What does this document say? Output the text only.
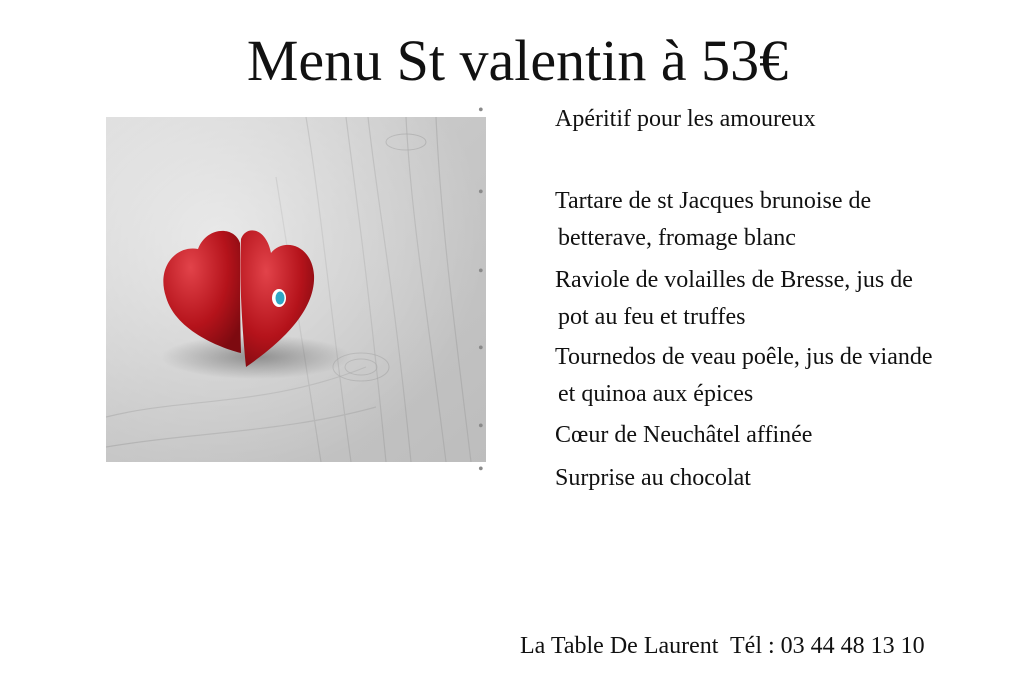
Menu St valentin à 53€
•	Apéritif pour les amoureux
•	Tartare de st Jacques brunoise de
betterave, fromage blanc
•	Raviole de volailles de Bresse, jus de
pot au feu et truffes
•	Tournedos de veau poêle, jus de viande
et quinoa aux épices
•	Cœur de Neuchâtel affinée
•	Surprise au chocolat
La Table De Laurent  Tél : 03 44 48 13 10
